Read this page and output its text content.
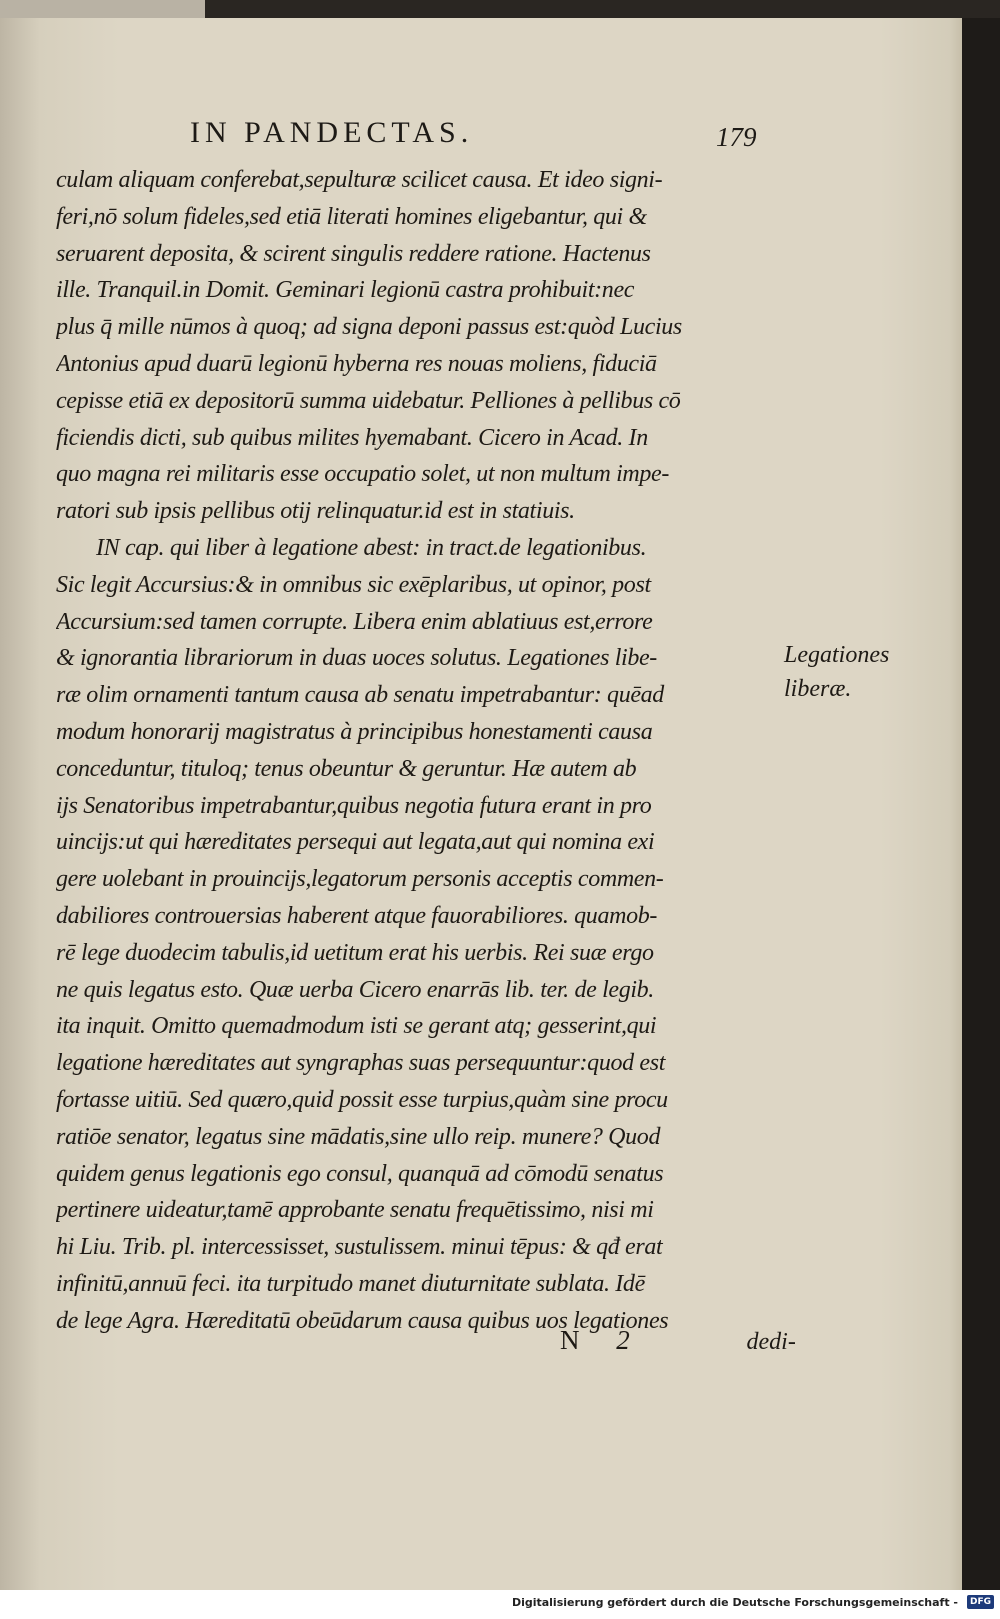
IN PANDECTAS.	179
culam aliquam conferebat,sepulturæ scilicet causa. Et ideo signi-
feri,nō solum fideles,sed etiā literati homines eligebantur, qui &
seruarent deposita, & scirent singulis reddere ratione. Hactenus
ille. Tranquil.in Domit. Geminari legionū castra prohibuit:nec
plus q̄ mille nūmos à quoq; ad signa deponi passus est:quòd Lucius
Antonius apud duarū legionū hyberna res nouas moliens, fiduciā
cepisse etiā ex depositorū summa uidebatur. Pelliones à pellibus cō
ficiendis dicti, sub quibus milites hyemabant. Cicero in Acad. In
quo magna rei militaris esse occupatio solet, ut non multum impe-
ratori sub ipsis pellibus otij relinquatur.id est in statiuis.
IN cap. qui liber à legatione abest: in tract.de legationibus.
Sic legit Accursius:& in omnibus sic exēplaribus, ut opinor, post
Accursium:sed tamen corrupte. Libera enim ablatiuus est,errore
& ignorantia librariorum in duas uoces solutus. Legationes libe-
ræ olim ornamenti tantum causa ab senatu impetrabantur: quēad
modum honorarij magistratus à principibus honestamenti causa
conceduntur, tituloq; tenus obeuntur & geruntur. Hæ autem ab
ijs Senatoribus impetrabantur,quibus negotia futura erant in pro
uincijs:ut qui hæreditates persequi aut legata,aut qui nomina exi
gere uolebant in prouincijs,legatorum personis acceptis commen-
dabiliores controuersias haberent atque fauorabiliores. quamob-
rē lege duodecim tabulis,id uetitum erat his uerbis. Rei suæ ergo
ne quis legatus esto. Quæ uerba Cicero enarrās lib. ter. de legib.
ita inquit. Omitto quemadmodum isti se gerant atq; gesserint,qui
legatione hæreditates aut syngraphas suas persequuntur:quod est
fortasse uitiū. Sed quæro,quid possit esse turpius,quàm sine procu
ratiōe senator, legatus sine mādatis,sine ullo reip. munere? Quod
quidem genus legationis ego consul, quanquā ad cōmodū senatus
pertinere uideatur,tamē approbante senatu frequētissimo, nisi mi
hi Liu. Trib. pl. intercessisset, sustulissem. minui tēpus: & qđ erat
infinitū,annuū feci. ita turpitudo manet diuturnitate sublata. Idē
de lege Agra. Hæreditatū obeūdarum causa quibus uos legationes
Legationes
liberæ.
N 2	dedi-
Digitalisierung gefördert durch die Deutsche Forschungsgemeinschaft -	DFG
